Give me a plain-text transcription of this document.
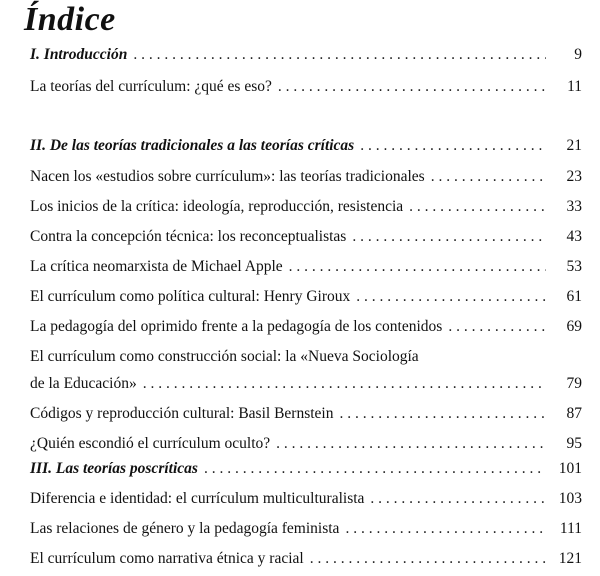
Índice
I. Introducción . . .	9
La teorías del currículum: ¿qué es eso? . . .	11
II. De las teorías tradicionales a las teorías críticas . . .	21
Nacen los «estudios sobre currículum»: las teorías tradicionales . . .	23
Los inicios de la crítica: ideología, reproducción, resistencia . . .	33
Contra la concepción técnica: los reconceptualistas . . .	43
La crítica neomarxista de Michael Apple . . .	53
El currículum como política cultural: Henry Giroux . . .	61
La pedagogía del oprimido frente a la pedagogía de los contenidos . . .	69
El currículum como construcción social: la «Nueva Sociología
de la Educación» . . .	79
Códigos y reproducción cultural: Basil Bernstein . . .	87
¿Quién escondió el currículum oculto? . . .	95
III. Las teorías poscríticas . . .	101
Diferencia e identidad: el currículum multiculturalista . . .	103
Las relaciones de género y la pedagogía feminista . . .	111
El currículum como narrativa étnica y racial . . .	121
